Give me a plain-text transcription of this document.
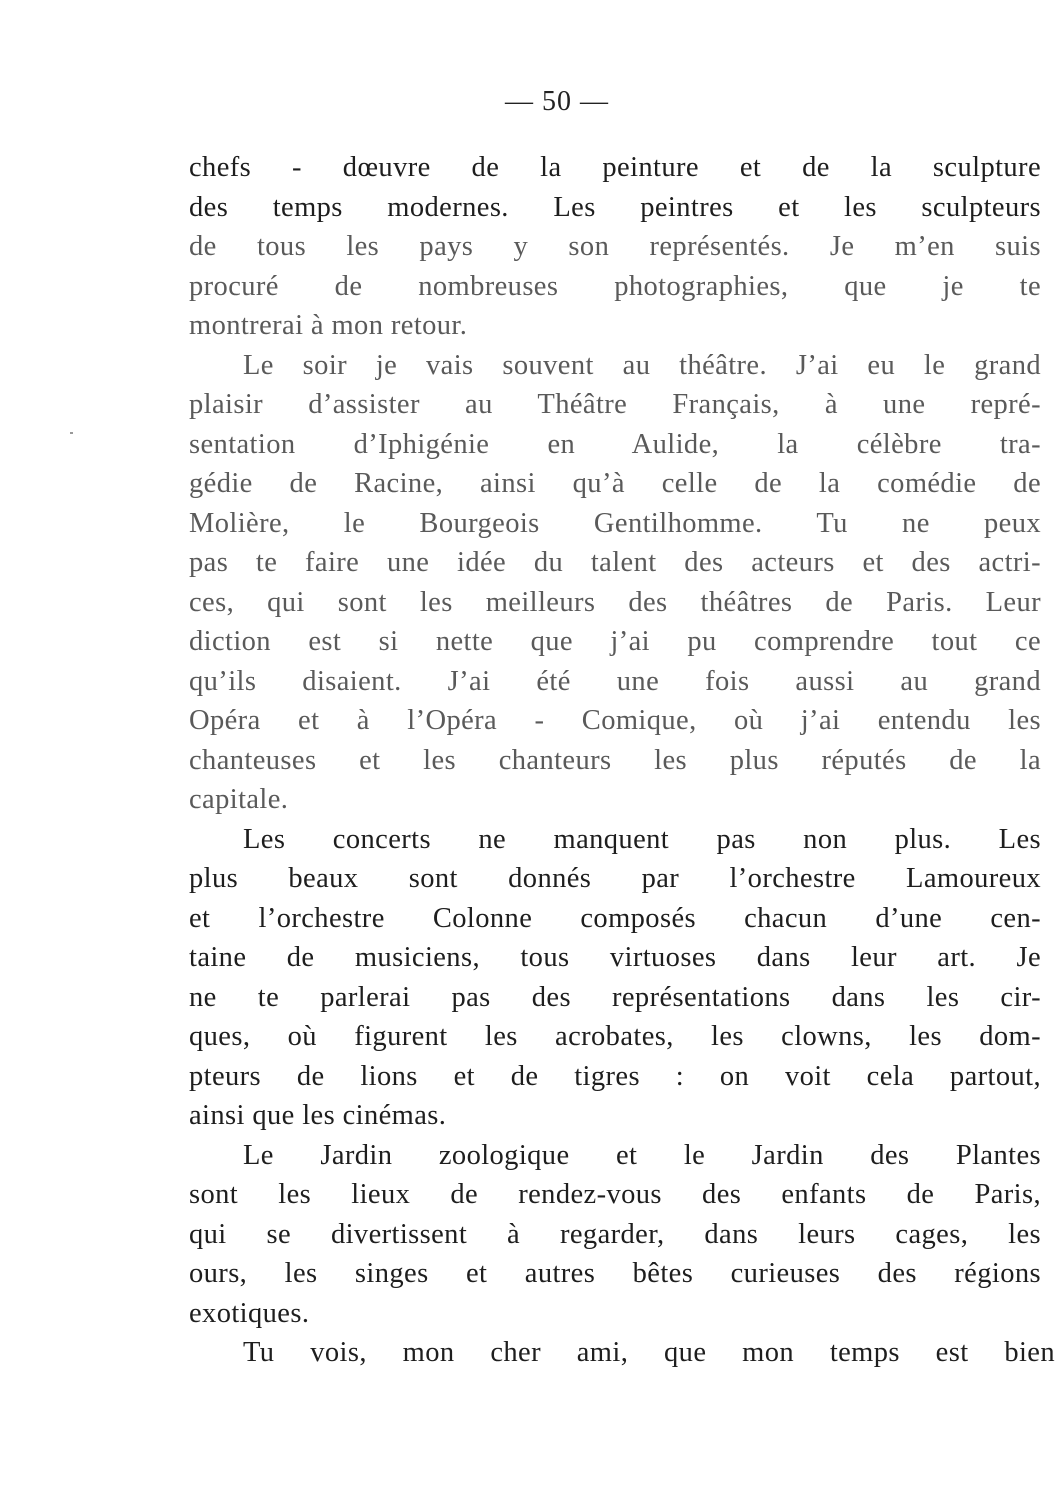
— 50 —
chefs - dœuvre de la peinture et de la sculpture
des temps modernes. Les peintres et les sculpteurs
de tous les pays y son représentés. Je m’en suis
procuré de nombreuses photographies, que je te
montrerai à mon retour.
Le soir je vais souvent au théâtre. J’ai eu le grand
plaisir d’assister au Théâtre Français, à une repré-
sentation d’Iphigénie en Aulide, la célèbre tra-
gédie de Racine, ainsi qu’à celle de la comédie de
Molière, le Bourgeois Gentilhomme. Tu ne peux
pas te faire une idée du talent des acteurs et des actri-
ces, qui sont les meilleurs des théâtres de Paris. Leur
diction est si nette que j’ai pu comprendre tout ce
qu’ils disaient. J’ai été une fois aussi au grand
Opéra et à l’Opéra - Comique, où j’ai entendu les
chanteuses et les chanteurs les plus réputés de la
capitale.
Les concerts ne manquent pas non plus. Les
plus beaux sont donnés par l’orchestre Lamoureux
et l’orchestre Colonne composés chacun d’une cen-
taine de musiciens, tous virtuoses dans leur art. Je
ne te parlerai pas des représentations dans les cir-
ques, où figurent les acrobates, les clowns, les dom-
pteurs de lions et de tigres : on voit cela partout,
ainsi que les cinémas.
Le Jardin zoologique et le Jardin des Plantes
sont les lieux de rendez-vous des enfants de Paris,
qui se divertissent à regarder, dans leurs cages, les
ours, les singes et autres bêtes curieuses des régions
exotiques.
Tu vois, mon cher ami, que mon temps est bien
